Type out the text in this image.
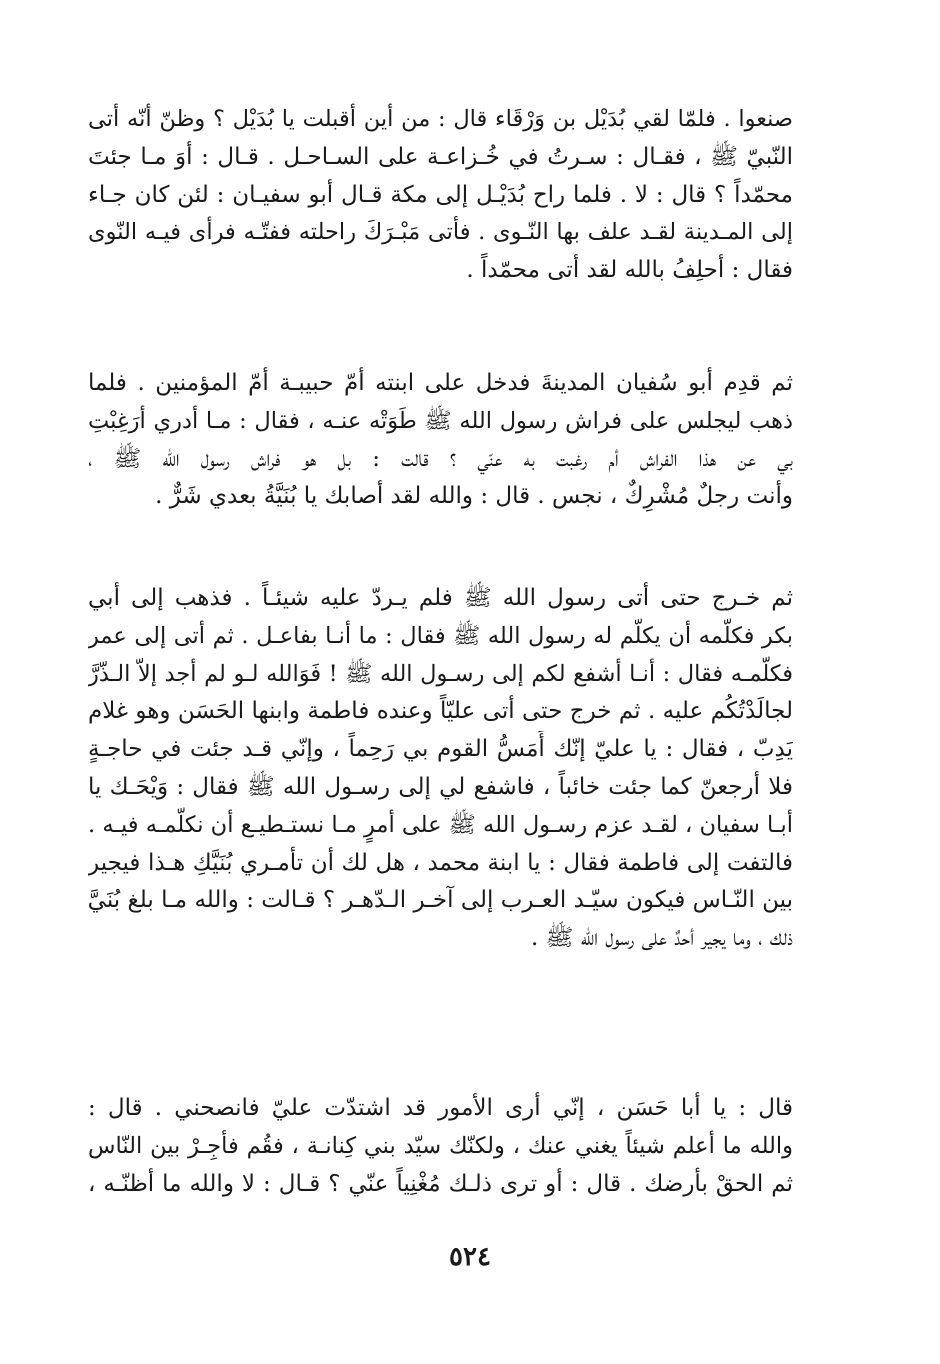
صنعوا . فلمّا لقي بُدَيْل بن وَرْقَاء قال : من أين أقبلت يا بُدَيْل ؟ وظنّ أنّه أتى
النّبيّ ﷺ ، فقـال : سـرتُ في خُـزاعـة على السـاحـل . قـال : أوَ مـا جئتَ
محمّداً ؟ قال : لا . فلما راح بُدَيْـل إلى مكة قـال أبو سفيـان : لئن كان جـاء
إلى المـدينة لقـد علف بها النّـوى . فأتى مَبْـرَكَ راحلته ففتّـه فرأى فيـه النّوى
فقال : أحلِفُ بالله لقد أتى محمّداً .
ثم قدِم أبو سُفيان المدينةَ فدخل على ابنته أمّ حبيبـة أمّ المؤمنين . فلما
ذهب ليجلس على فراش رسول الله ﷺ طَوَتْه عنـه ، فقال : مـا أدري أرَغِبْتِ
بي عن هذا الفراش أم رغبت به عنّي ؟ قالت : بل هو فراش رسول الله ﷺ ،
وأنت رجلٌ مُشْرِكٌ ، نجس . قال : والله لقد أصابك يا بُنَيَّةُ بعدي شَرٌّ .
ثم خـرج حتى أتى رسول الله ﷺ فلم يـردّ عليه شيئـاً . فذهب إلى أبي
بكر فكلّمه أن يكلّم له رسول الله ﷺ فقال : ما أنـا بفاعـل . ثم أتى إلى عمر
فكلّمـه فقال : أنـا أشفع لكم إلى رسـول الله ﷺ ! فَوَالله لـو لم أجد إلاّ الـذّرَّ
لجالَدْتُكُم عليه . ثم خرج حتى أتى عليّاً وعنده فاطمة وابنها الحَسَن وهو غلام
يَدِبّ ، فقال : يا عليّ إنّك أَمَسُّ القوم بي رَحِماً ، وإنّي قـد جئت في حاجـةٍ
فلا أرجعنّ كما جئت خائباً ، فاشفع لي إلى رسـول الله ﷺ فقال : وَيْحَـك يا
أبـا سفيان ، لقـد عزم رسـول الله ﷺ على أمرٍ مـا نستـطيـع أن نكلّمـه فيـه .
فالتفت إلى فاطمة فقال : يا ابنة محمد ، هل لك أن تأمـري بُنَيَّكِ هـذا فيجير
بين النّـاس فيكون سيّـد العـرب إلى آخـر الـدّهـر ؟ قـالت : والله مـا بلغ بُنَيَّ
ذلك ، وما يجير أحدٌ على رسول الله ﷺ .
قال : يا أبا حَسَن ، إنّي أرى الأمور قد اشتدّت عليّ فانصحني . قال :
والله ما أعلم شيئاً يغني عنك ، ولكنّك سيّد بني كِنانـة ، فقُم فأجِـرْ بين النّاس
ثم الحقْ بأرضك . قال : أو ترى ذلـك مُغْنِياً عنّي ؟ قـال : لا والله ما أظنّـه ،
٥٢٤
